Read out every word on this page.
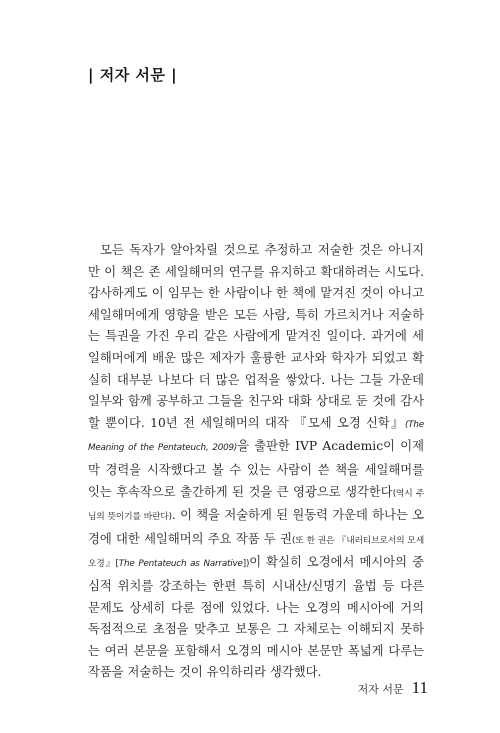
| 저자 서문 |

모든 독자가 알아차릴 것으로 추정하고 저술한 것은 아니지만 이 책은 존 세일해머의 연구를 유지하고 확대하려는 시도다. 감사하게도 이 임무는 한 사람이나 한 책에 맡겨진 것이 아니고 세일해머에게 영향을 받은 모든 사람, 특히 가르치거나 저술하는 특권을 가진 우리 같은 사람에게 맡겨진 일이다. 과거에 세일해머에게 배운 많은 제자가 훌륭한 교사와 학자가 되었고 확실히 대부분 나보다 더 많은 업적을 쌓았다. 나는 그들 가운데 일부와 함께 공부하고 그들을 친구와 대화 상대로 둔 것에 감사할 뿐이다. 10년 전 세일해머의 대작 『모세 오경 신학』(The Meaning of the Pentateuch, 2009)을 출판한 IVP Academic이 이제 막 경력을 시작했다고 볼 수 있는 사람이 쓴 책을 세일해머를 잇는 후속작으로 출간하게 된 것을 큰 영광으로 생각한다(역시 주님의 뜻이기를 바란다). 이 책을 저술하게 된 원동력 가운데 하나는 오경에 대한 세일해머의 주요 작품 두 권(또 한 권은 『내러티브로서의 모세오경』[The Pentateuch as Narrative])이 확실히 오경에서 메시아의 중심적 위치를 강조하는 한편 특히 시내산/신명기 율법 등 다른 문제도 상세히 다룬 점에 있었다. 나는 오경의 메시아에 거의 독점적으로 초점을 맞추고 보통은 그 자체로는 이해되지 못하는 여러 본문을 포함해서 오경의 메시아 본문만 폭넓게 다루는 작품을 저술하는 것이 유익하리라 생각했다.

저자 서문 11
